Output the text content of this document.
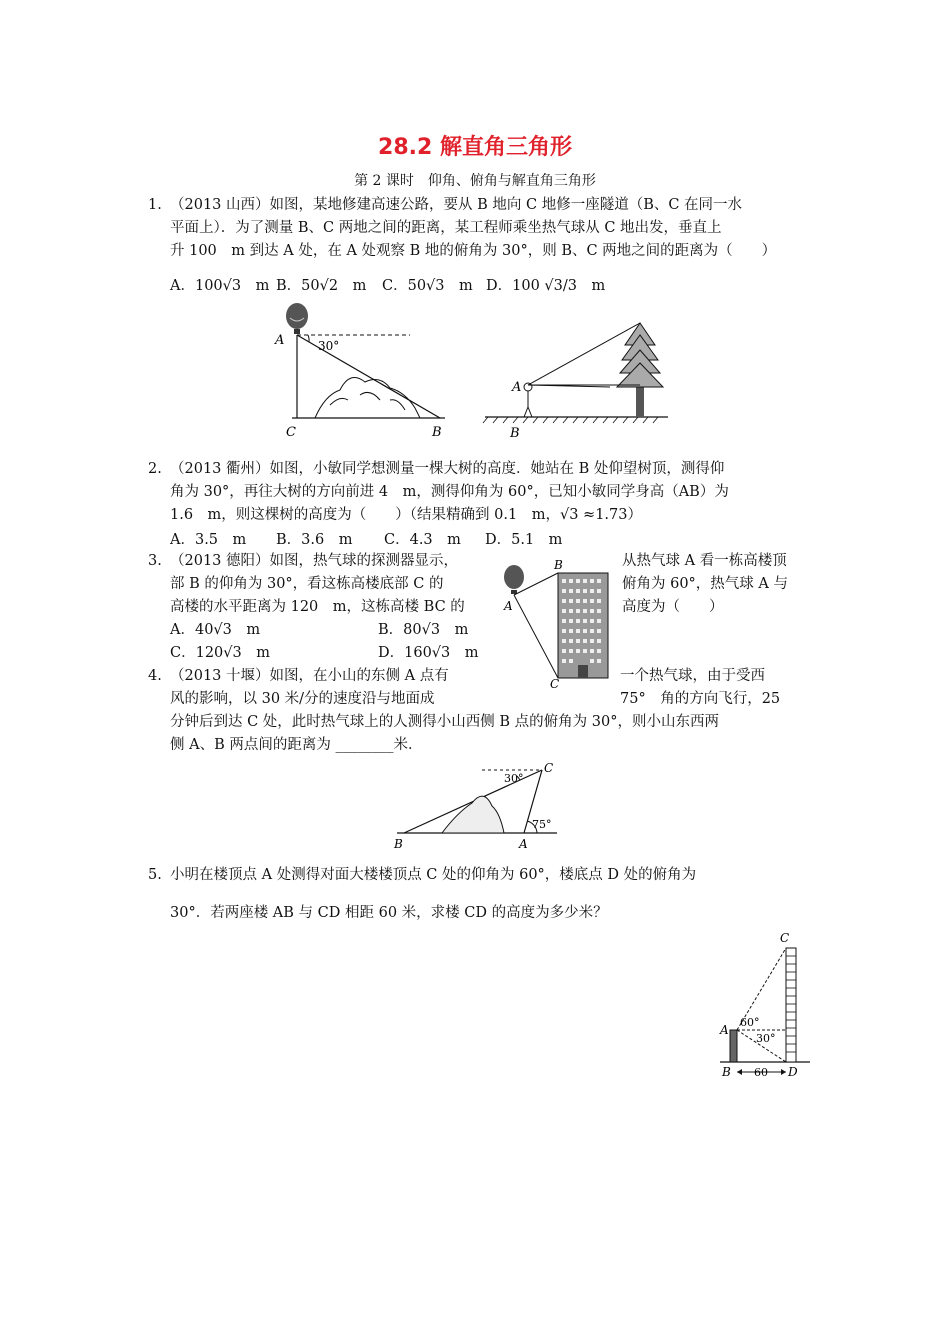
28.2 解直角三角形
第 2 课时　仰角、俯角与解直角三角形
1. （2013 山西）如图，某地修建高速公路，要从 B 地向 C 地修一座隧道（B、C 在同一水
平面上）．为了测量 B、C 两地之间的距离，某工程师乘坐热气球从 C 地出发，垂直上
升 100　m 到达 A 处，在 A 处观察 B 地的俯角为 30°，则 B、C 两地之间的距离为（　　）
A．100√3　m B．50√2　m C．50√3　m D．100 √3/3　m
A	30°
C	B
A
B
2. （2013 衢州）如图，小敏同学想测量一棵大树的高度．她站在 B 处仰望树顶，测得仰
角为 30°，再往大树的方向前进 4　m，测得仰角为 60°，已知小敏同学身高（AB）为
1.6　m，则这棵树的高度为（　　）（结果精确到 0.1　m，√3 ≈1.73）
A．3.5　m B．3.6　m C．4.3　m D．5.1　m
3. （2013 德阳）如图，热气球的探测器显示，	从热气球 A 看一栋高楼顶
部 B 的仰角为 30°，看这栋高楼底部 C 的	俯角为 60°，热气球 A 与
高楼的水平距离为 120　m，这栋高楼 BC 的	高度为（　　）
A．40√3　m	B．80√3　m
C．120√3　m	D．160√3　m
A
B
C
4. （2013 十堰）如图，在小山的东侧 A 点有	一个热气球，由于受西
风的影响，以 30 米/分的速度沿与地面成	75°　角的方向飞行，25
分钟后到达 C 处，此时热气球上的人测得小山西侧 B 点的俯角为 30°，则小山东西两
侧 A、B 两点间的距离为 ________米．
30°
75°
C
B	A
5. 小明在楼顶点 A 处测得对面大楼楼顶点 C 处的仰角为 60°，楼底点 D 处的俯角为
30°．若两座楼 AB 与 CD 相距 60 米，求楼 CD 的高度为多少米？
C
A
60°
30°
B 60 D
